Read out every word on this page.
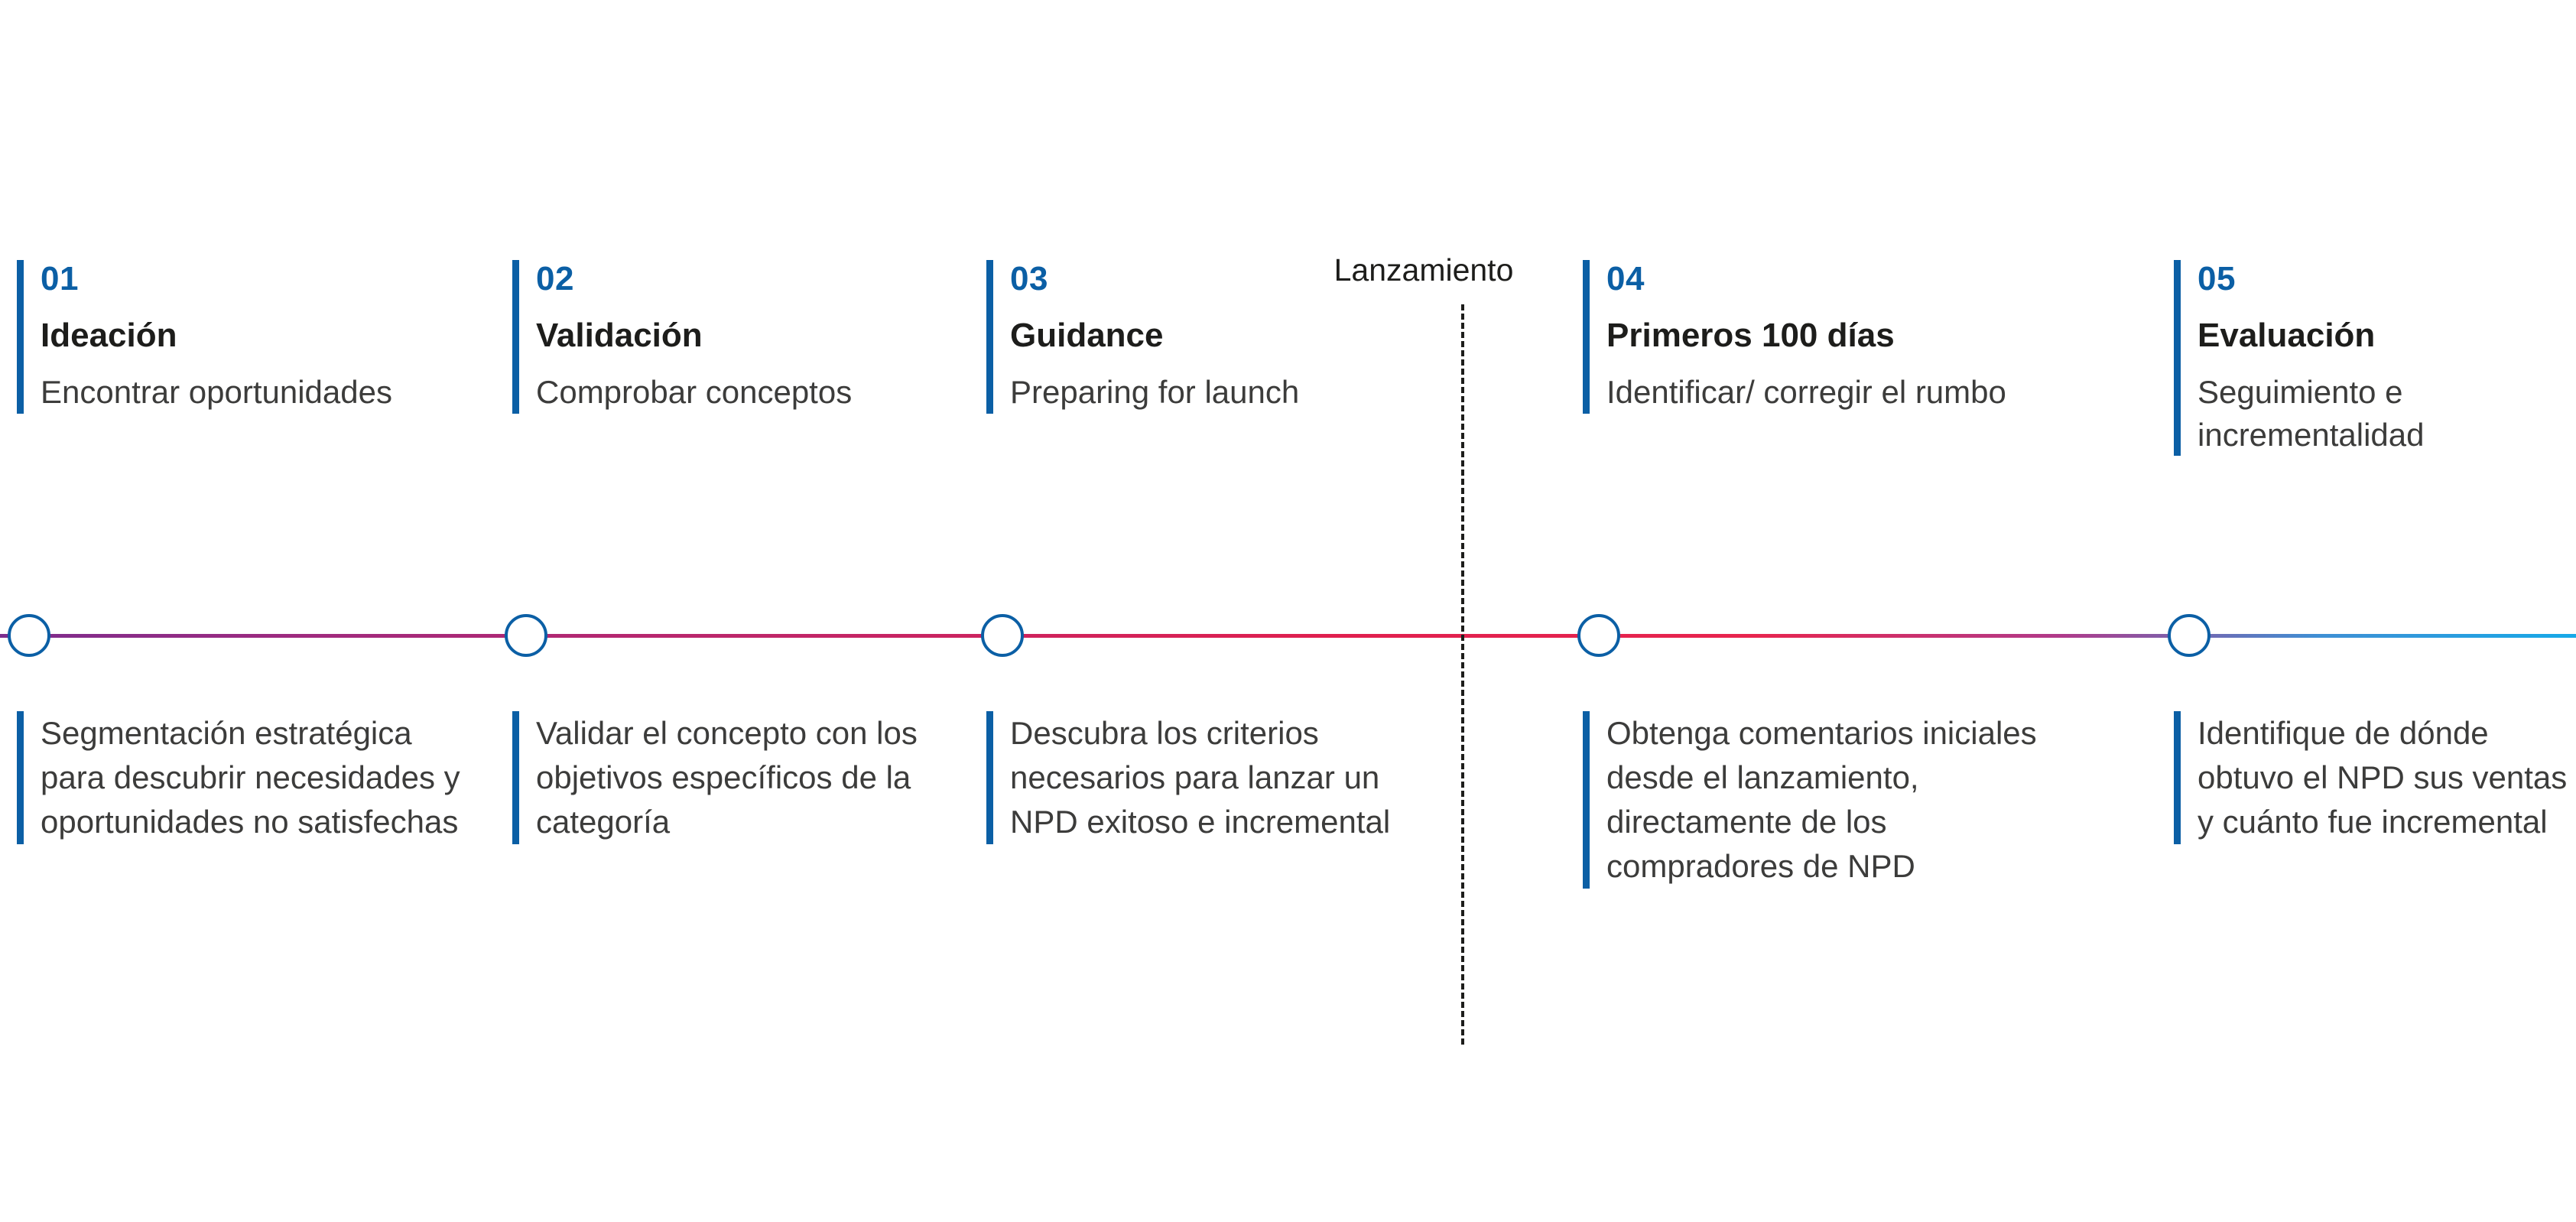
Lanzamiento
01
Ideación
Encontrar oportunidades
Segmentación estratégica para descubrir necesidades y oportunidades no satisfechas
02
Validación
Comprobar conceptos
Validar el concepto con los objetivos específicos de la categoría
03
Guidance
Preparing for launch
Descubra los criterios necesarios para lanzar un NPD exitoso e incremental
04
Primeros 100 días
Identificar/ corregir el rumbo
Obtenga comentarios iniciales desde el lanzamiento, directamente de los compradores de NPD
05
Evaluación
Seguimiento e incrementalidad
Identifique de dónde obtuvo el NPD sus ventas y cuánto fue incremental
